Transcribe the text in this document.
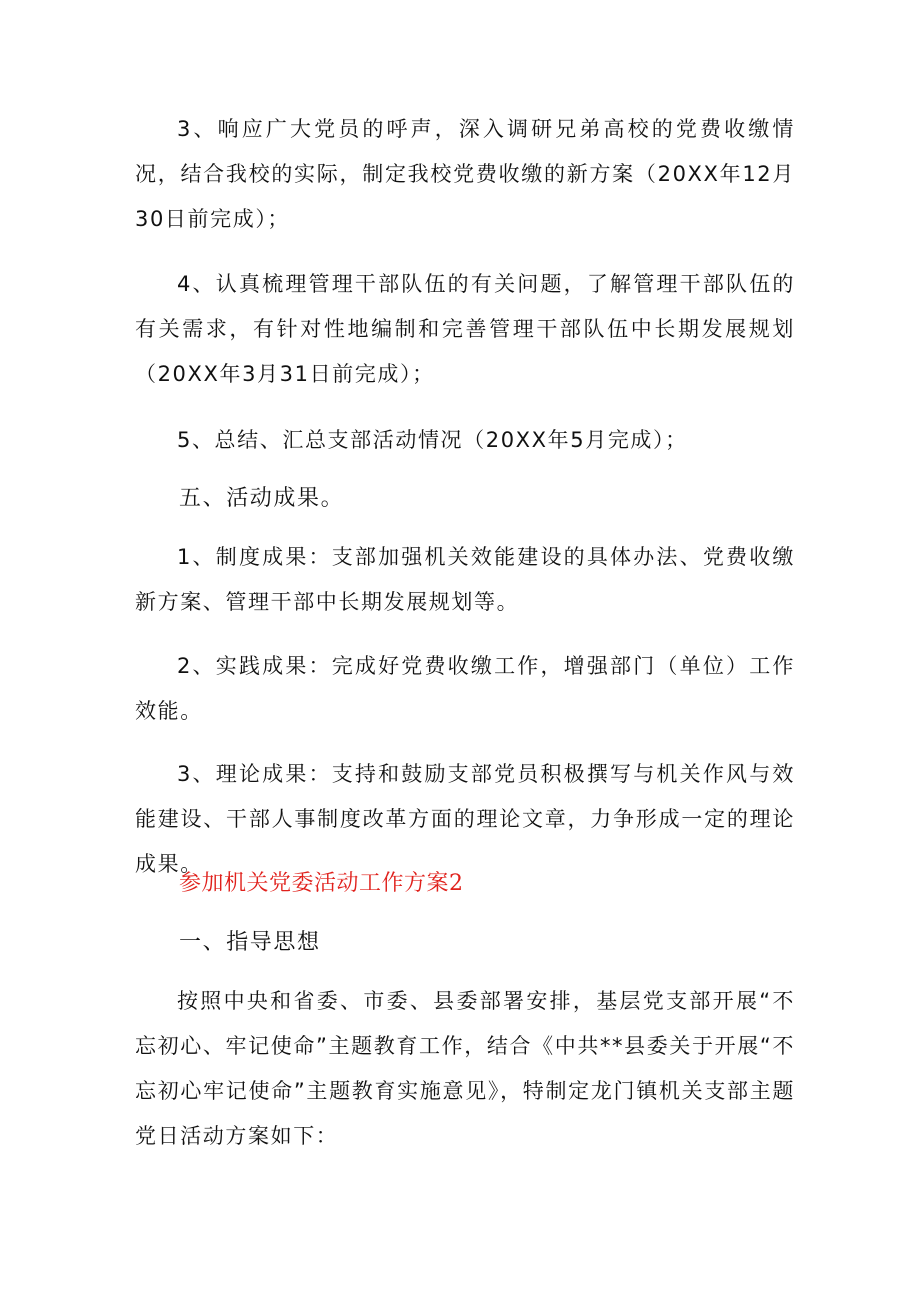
3、响应广大党员的呼声，深入调研兄弟高校的党费收缴情况，结合我校的实际，制定我校党费收缴的新方案（20XX年12月30日前完成）；

4、认真梳理管理干部队伍的有关问题，了解管理干部队伍的有关需求，有针对性地编制和完善管理干部队伍中长期发展规划（20XX年3月31日前完成）；

5、总结、汇总支部活动情况（20XX年5月完成）；

五、活动成果。

1、制度成果：支部加强机关效能建设的具体办法、党费收缴新方案、管理干部中长期发展规划等。

2、实践成果：完成好党费收缴工作，增强部门（单位）工作效能。

3、理论成果：支持和鼓励支部党员积极撰写与机关作风与效能建设、干部人事制度改革方面的理论文章，力争形成一定的理论成果。

参加机关党委活动工作方案2

一、指导思想

按照中央和省委、市委、县委部署安排，基层党支部开展“不忘初心、牢记使命”主题教育工作，结合《中共**县委关于开展“不忘初心牢记使命”主题教育实施意见》，特制定龙门镇机关支部主题党日活动方案如下：
